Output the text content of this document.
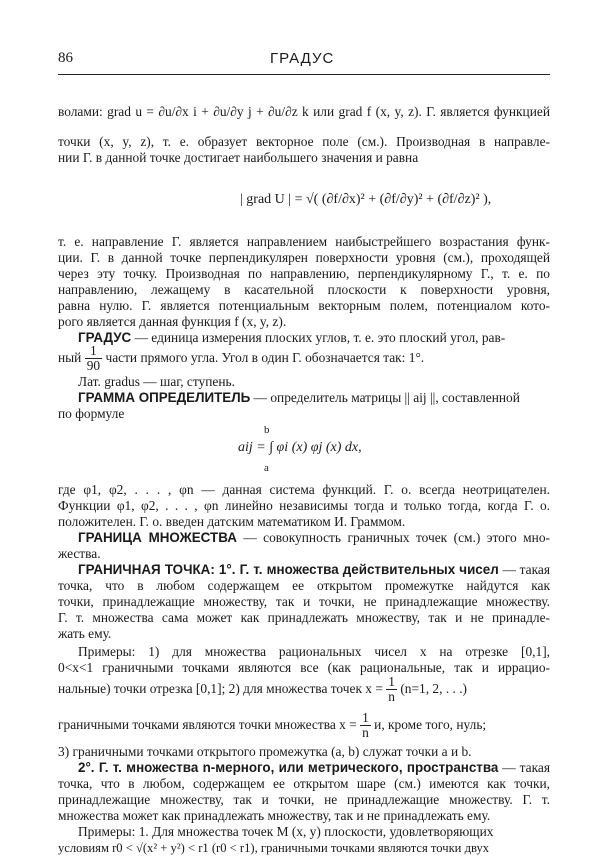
86	ГРАДУС
волами: grad u = ∂u/∂x i + ∂u/∂y j + ∂u/∂z k или grad f (x, y, z). Г. является функцией
точки (x, y, z), т. е. образует векторное поле (см.). Производная в направле-
нии Г. в данной точке достигает наибольшего значения и равна
| grad U | = √( (∂f/∂x)² + (∂f/∂y)² + (∂f/∂z)² ),
т. е. направление Г. является направлением наибыстрейшего возрастания функ-
ции. Г. в данной точке перпендикулярен поверхности уровня (см.), проходящей
через эту точку. Производная по направлению, перпендикулярному Г., т. е. по
направлению, лежащему в касательной плоскости к поверхности уровня,
равна нулю. Г. является потенциальным векторным полем, потенциалом кото-
рого является данная функция f (x, y, z).
ГРАДУС — единица измерения плоских углов, т. е. это плоский угол, рав-
ный $\frac{1}{90}$ части прямого угла. Угол в один Г. обозначается так: 1°.
Лат. gradus — шаг, ступень.
ГРАММА ОПРЕДЕЛИТЕЛЬ — определитель матрицы || aij ||, составленной
по формуле
b
aij = ∫ φi (x) φj (x) dx,
a
где φ1, φ2, . . . , φn — данная система функций. Г. о. всегда неотрицателен.
Функции φ1, φ2, . . . , φn линейно независимы тогда и только тогда, когда Г. о.
положителен. Г. о. введен датским математиком И. Граммом.
ГРАНИЦА МНОЖЕСТВА — совокупность граничных точек (см.) этого мно-
жества.
ГРАНИЧНАЯ ТОЧКА: 1°. Г. т. множества действительных чисел — такая
точка, что в любом содержащем ее открытом промежутке найдутся как
точки, принадлежащие множеству, так и точки, не принадлежащие множеству.
Г. т. множества сама может как принадлежать множеству, так и не принадле-
жать ему.
Примеры: 1) для множества рациональных чисел x на отрезке [0,1],
0<x<1 граничными точками являются все (как рациональные, так и иррацио-
нальные) точки отрезка [0,1]; 2) для множества точек $x = \frac{1}{n} (n=1$, 2, . . .)
граничными точками являются точки множества $x = \frac{1}{n} и$, кроме того, нуль;
3) граничными точками открытого промежутка (a, b) служат точки a и b.
2°. Г. т. множества n-мерного, или метрического, пространства — такая
точка, что в любом, содержащем ее открытом шаре (см.) имеются как точки,
принадлежащие множеству, так и точки, не принадлежащие множеству. Г. т.
множества может как принадлежать множеству, так и не принадлежать ему.
Примеры: 1. Для множества точек M (x, y) плоскости, удовлетворяющих
условиям r0 < √(x² + y²) < r1 (r0 < r1), граничными точками являются точки двух
